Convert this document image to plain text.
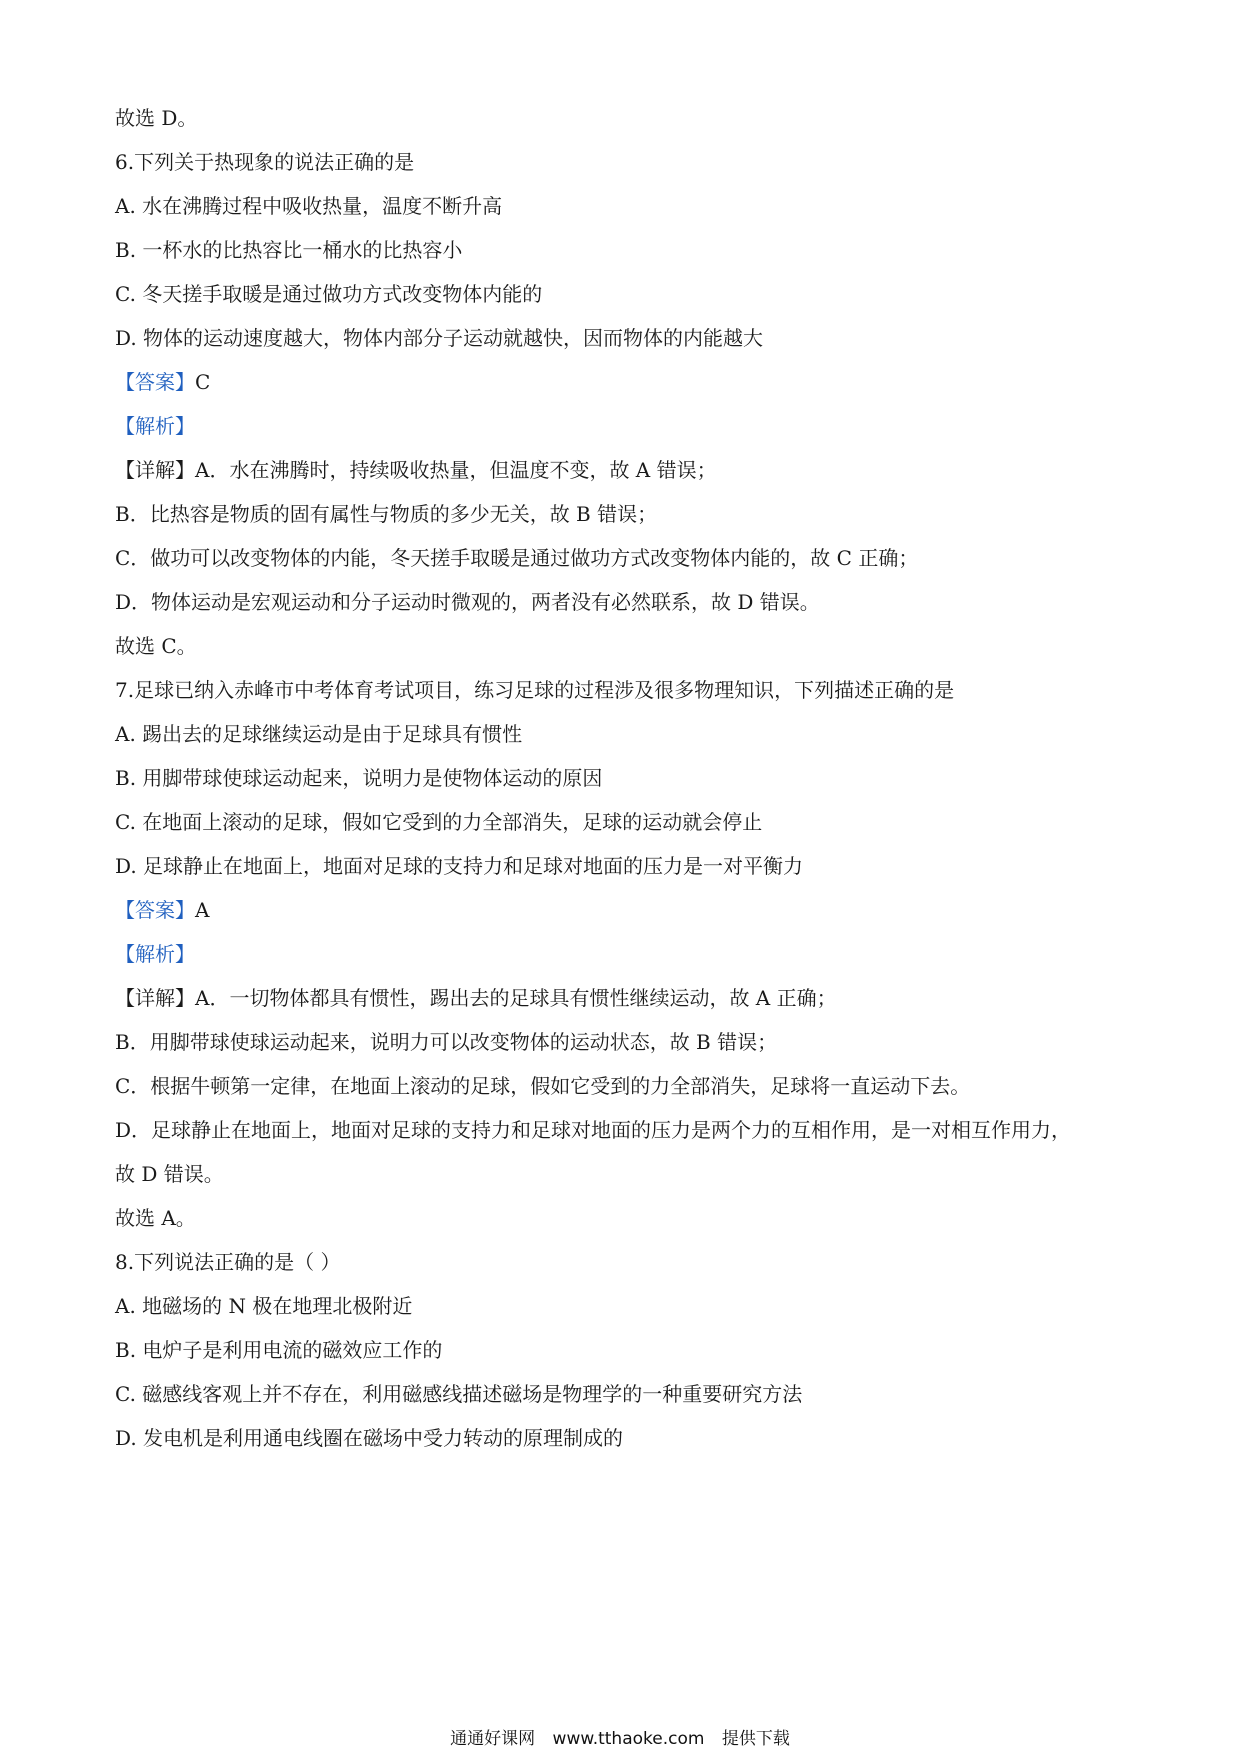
故选 D。
6.下列关于热现象的说法正确的是
A. 水在沸腾过程中吸收热量，温度不断升高
B. 一杯水的比热容比一桶水的比热容小
C. 冬天搓手取暖是通过做功方式改变物体内能的
D. 物体的运动速度越大，物体内部分子运动就越快，因而物体的内能越大
【答案】C
【解析】
【详解】A．水在沸腾时，持续吸收热量，但温度不变，故 A 错误；
B．比热容是物质的固有属性与物质的多少无关，故 B 错误；
C．做功可以改变物体的内能，冬天搓手取暖是通过做功方式改变物体内能的，故 C 正确；
D．物体运动是宏观运动和分子运动时微观的，两者没有必然联系，故 D 错误。
故选 C。
7.足球已纳入赤峰市中考体育考试项目，练习足球的过程涉及很多物理知识，下列描述正确的是
A. 踢出去的足球继续运动是由于足球具有惯性
B. 用脚带球使球运动起来，说明力是使物体运动的原因
C. 在地面上滚动的足球，假如它受到的力全部消失，足球的运动就会停止
D. 足球静止在地面上，地面对足球的支持力和足球对地面的压力是一对平衡力
【答案】A
【解析】
【详解】A．一切物体都具有惯性，踢出去的足球具有惯性继续运动，故 A 正确；
B．用脚带球使球运动起来，说明力可以改变物体的运动状态，故 B 错误；
C．根据牛顿第一定律，在地面上滚动的足球，假如它受到的力全部消失，足球将一直运动下去。
D．足球静止在地面上，地面对足球的支持力和足球对地面的压力是两个力的互相作用，是一对相互作用力，
故 D 错误。
故选 A。
8.下列说法正确的是（ ）
A. 地磁场的 N 极在地理北极附近
B. 电炉子是利用电流的磁效应工作的
C. 磁感线客观上并不存在，利用磁感线描述磁场是物理学的一种重要研究方法
D. 发电机是利用通电线圈在磁场中受力转动的原理制成的
通通好课网 www.tthaoke.com 提供下载
